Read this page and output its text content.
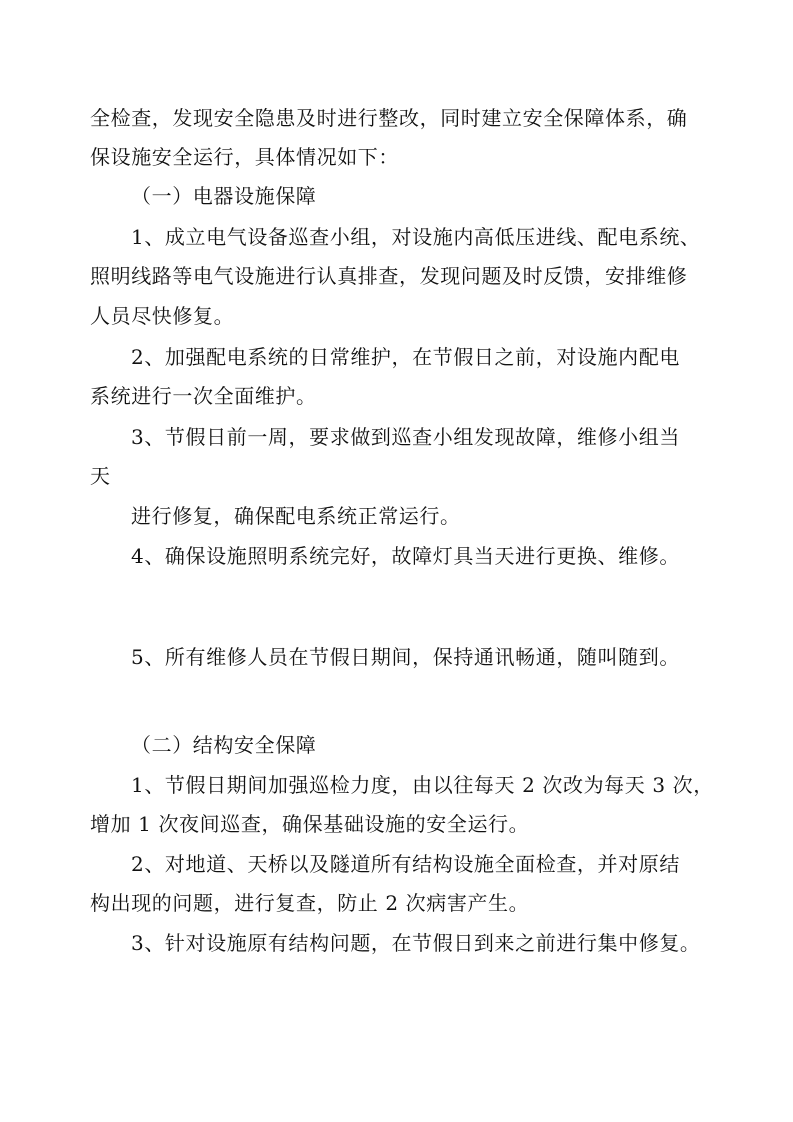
全检查，发现安全隐患及时进行整改，同时建立安全保障体系，确
保设施安全运行，具体情况如下：
（一）电器设施保障
1、成立电气设备巡查小组，对设施内高低压进线、配电系统、
照明线路等电气设施进行认真排查，发现问题及时反馈，安排维修
人员尽快修复。
2、加强配电系统的日常维护，在节假日之前，对设施内配电
系统进行一次全面维护。
3、节假日前一周，要求做到巡查小组发现故障，维修小组当
天
进行修复，确保配电系统正常运行。
4、确保设施照明系统完好，故障灯具当天进行更换、维修。
5、所有维修人员在节假日期间，保持通讯畅通，随叫随到。
（二）结构安全保障
1、节假日期间加强巡检力度，由以往每天 2 次改为每天 3 次，
增加 1 次夜间巡查，确保基础设施的安全运行。
2、对地道、天桥以及隧道所有结构设施全面检查，并对原结
构出现的问题，进行复查，防止 2 次病害产生。
3、针对设施原有结构问题，在节假日到来之前进行集中修复。
